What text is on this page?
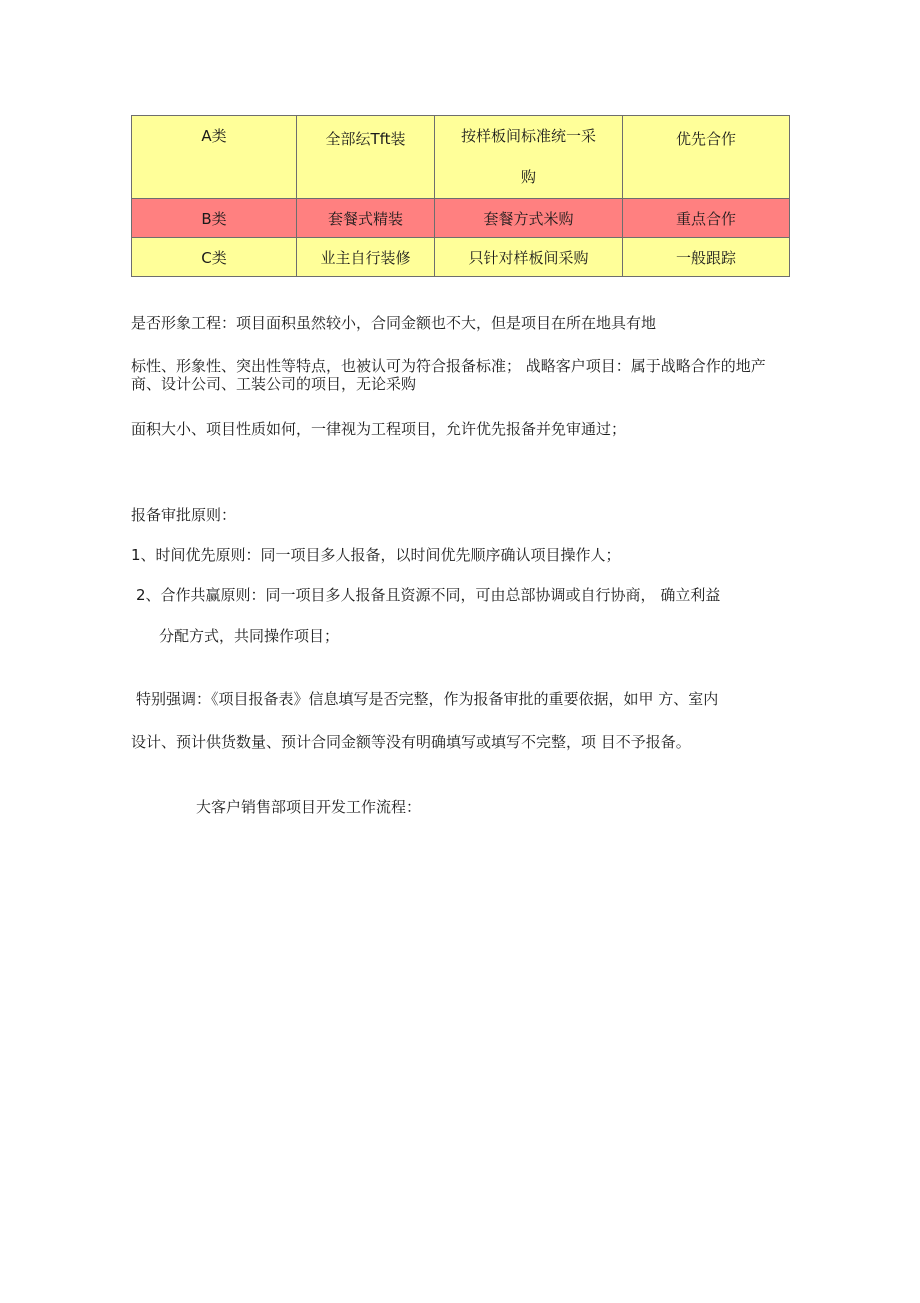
A类	全部纭Tft装	按样板间标准统一采购	优先合作

B类	套餐式精装	套餐方式米购	重点合作

C类	业主自行装修	只针对样板间采购	一般跟踪

是否形象工程：项目面积虽然较小，合同金额也不大，但是项目在所在地具有地

标性、形象性、突出性等特点，也被认可为符合报备标准； 战略客户项目：属于战略合作的地产商、设计公司、工装公司的项目，无论采购

面积大小、项目性质如何，一律视为工程项目，允许优先报备并免审通过；

报备审批原则：

1、时间优先原则：同一项目多人报备，以时间优先顺序确认项目操作人；

2、合作共赢原则：同一项目多人报备且资源不同，可由总部协调或自行协商， 确立利益

分配方式，共同操作项目；

特别强调：《项目报备表》信息填写是否完整，作为报备审批的重要依据，如甲 方、室内

设计、预计供货数量、预计合同金额等没有明确填写或填写不完整，项 目不予报备。

大客户销售部项目开发工作流程：
